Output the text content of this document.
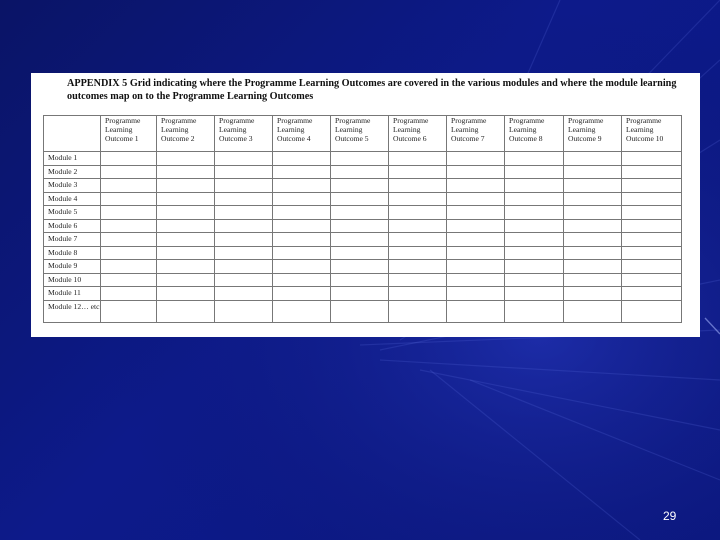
APPENDIX 5 Grid indicating where the Programme Learning Outcomes are covered in the various modules and where the module learning outcomes map on to the Programme Learning Outcomes
	Programme Learning Outcome 1	Programme Learning Outcome 2	Programme Learning Outcome 3	Programme Learning Outcome 4	Programme Learning Outcome 5	Programme Learning Outcome 6	Programme Learning Outcome 7	Programme Learning Outcome 8	Programme Learning Outcome 9	Programme Learning Outcome 10
Module 1										
Module 2										
Module 3										
Module 4										
Module 5										
Module 6										
Module 7										
Module 8										
Module 9										
Module 10										
Module 11										
Module 12… etc										
29
